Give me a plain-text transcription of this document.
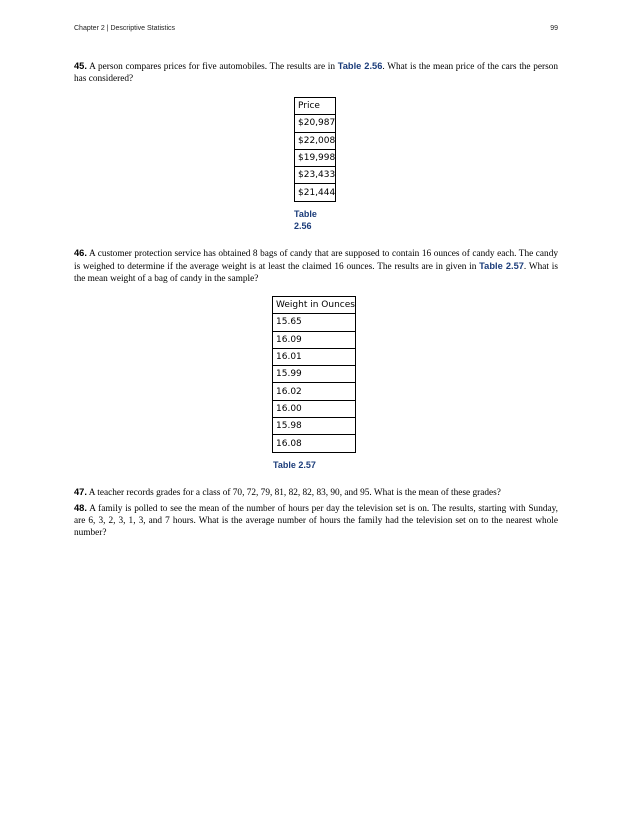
Chapter 2 | Descriptive Statistics	99

45. A person compares prices for five automobiles. The results are in Table 2.56. What is the mean price of the cars the person has considered?

Price
$20,987
$22,008
$19,998
$23,433
$21,444
Table
2.56

46. A customer protection service has obtained 8 bags of candy that are supposed to contain 16 ounces of candy each. The candy is weighed to determine if the average weight is at least the claimed 16 ounces. The results are in given in Table 2.57. What is the mean weight of a bag of candy in the sample?

Weight in Ounces
15.65
16.09
16.01
15.99
16.02
16.00
15.98
16.08
Table 2.57

47. A teacher records grades for a class of 70, 72, 79, 81, 82, 82, 83, 90, and 95. What is the mean of these grades?

48. A family is polled to see the mean of the number of hours per day the television set is on. The results, starting with Sunday, are 6, 3, 2, 3, 1, 3, and 7 hours. What is the average number of hours the family had the television set on to the nearest whole number?
